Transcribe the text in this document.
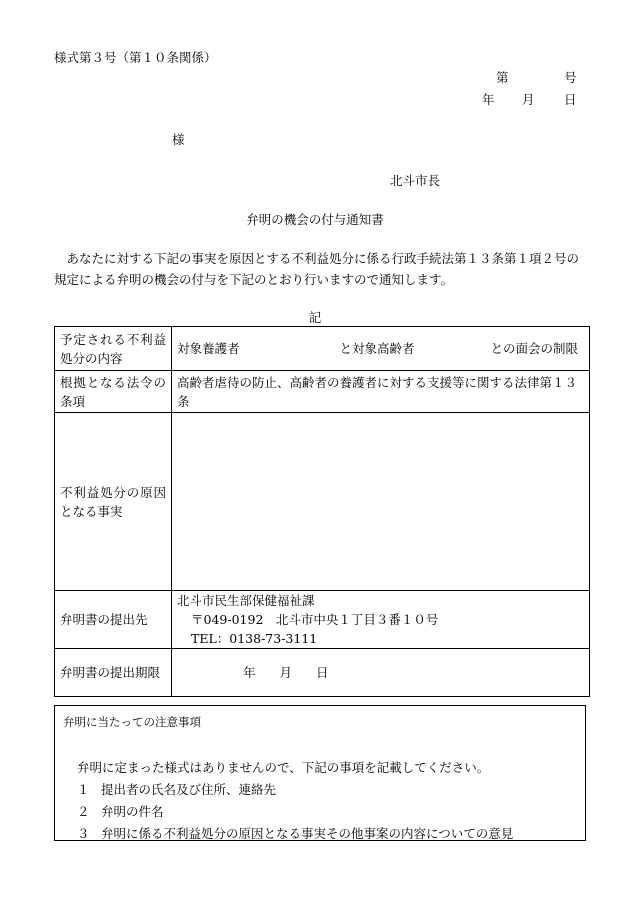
様式第３号（第１０条関係）
第	号
年 月 日
様
北斗市長
弁明の機会の付与通知書
あなたに対する下記の事実を原因とする不利益処分に係る行政手続法第１３条第１項２号の規定による弁明の機会の付与を下記のとおり行いますので通知します。
記
予定される不利益処分の内容	対象養護者 と対象高齢者 との面会の制限

根拠となる法令の条項	高齢者虐待の防止、高齢者の養護者に対する支援等に関する法律第１３条
不利益処分の原因となる事実	
弁明書の提出先	北斗市民生部保健福祉課
〒049-0192　北斗市中央１丁目３番１０号
TEL：0138-73-3111

弁明書の提出期限	年 月 日
弁明に当たっての注意事項
弁明に定まった様式はありませんので、下記の事項を記載してください。
１ 提出者の氏名及び住所、連絡先
２ 弁明の件名
３ 弁明に係る不利益処分の原因となる事実その他事案の内容についての意見
